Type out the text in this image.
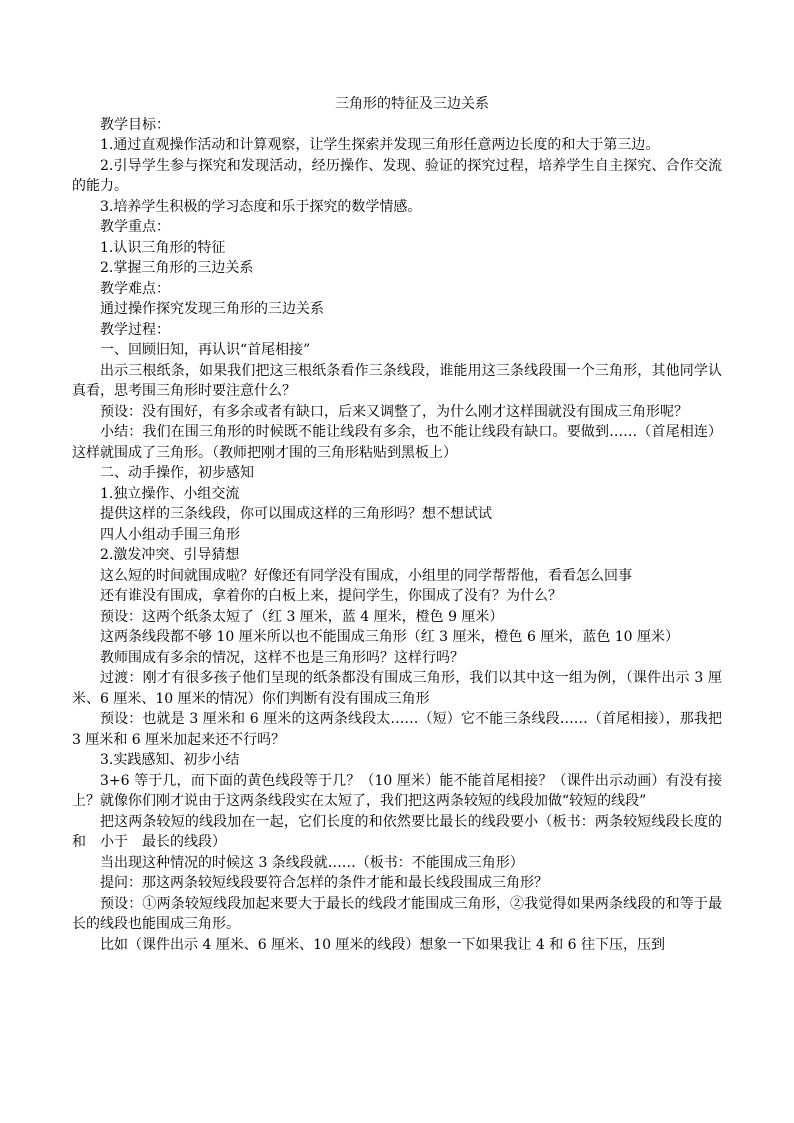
三角形的特征及三边关系

教学目标：

1.通过直观操作活动和计算观察，让学生探索并发现三角形任意两边长度的和大于第三边。

2.引导学生参与探究和发现活动，经历操作、发现、验证的探究过程，培养学生自主探究、合作交流的能力。

3.培养学生积极的学习态度和乐于探究的数学情感。

教学重点：

1.认识三角形的特征

2.掌握三角形的三边关系

教学难点：

通过操作探究发现三角形的三边关系

教学过程：

一、回顾旧知，再认识“首尾相接”

出示三根纸条，如果我们把这三根纸条看作三条线段，谁能用这三条线段围一个三角形，其他同学认真看，思考围三角形时要注意什么？

预设：没有围好，有多余或者有缺口，后来又调整了，为什么刚才这样围就没有围成三角形呢？

小结：我们在围三角形的时候既不能让线段有多余，也不能让线段有缺口。要做到……（首尾相连）这样就围成了三角形。（教师把刚才围的三角形粘贴到黑板上）

二、动手操作，初步感知

1.独立操作、小组交流

提供这样的三条线段，你可以围成这样的三角形吗？想不想试试

四人小组动手围三角形

2.激发冲突、引导猜想

这么短的时间就围成啦？好像还有同学没有围成，小组里的同学帮帮他，看看怎么回事

还有谁没有围成，拿着你的白板上来，提问学生，你围成了没有？为什么？

预设：这两个纸条太短了（红 3 厘米，蓝 4 厘米，橙色 9 厘米）

这两条线段都不够 10 厘米所以也不能围成三角形（红 3 厘米，橙色 6 厘米，蓝色 10 厘米）

教师围成有多余的情况，这样不也是三角形吗？这样行吗？

过渡：刚才有很多孩子他们呈现的纸条都没有围成三角形，我们以其中这一组为例，（课件出示 3 厘米、6 厘米、10 厘米的情况）你们判断有没有围成三角形

预设：也就是 3 厘米和 6 厘米的这两条线段太……（短）它不能三条线段……（首尾相接），那我把 3 厘米和 6 厘米加起来还不行吗？

3.实践感知、初步小结

3+6 等于几，而下面的黄色线段等于几？（10 厘米）能不能首尾相接？（课件出示动画）有没有接上？就像你们刚才说由于这两条线段实在太短了，我们把这两条较短的线段加做“较短的线段”

把这两条较短的线段加在一起，它们长度的和依然要比最长的线段要小（板书：两条较短线段长度的和　小于　最长的线段）

当出现这种情况的时候这 3 条线段就……（板书：不能围成三角形）

提问：那这两条较短线段要符合怎样的条件才能和最长线段围成三角形？

预设：①两条较短线段加起来要大于最长的线段才能围成三角形，②我觉得如果两条线段的和等于最长的线段也能围成三角形。

比如（课件出示 4 厘米、6 厘米、10 厘米的线段）想象一下如果我让 4 和 6 往下压，压到
